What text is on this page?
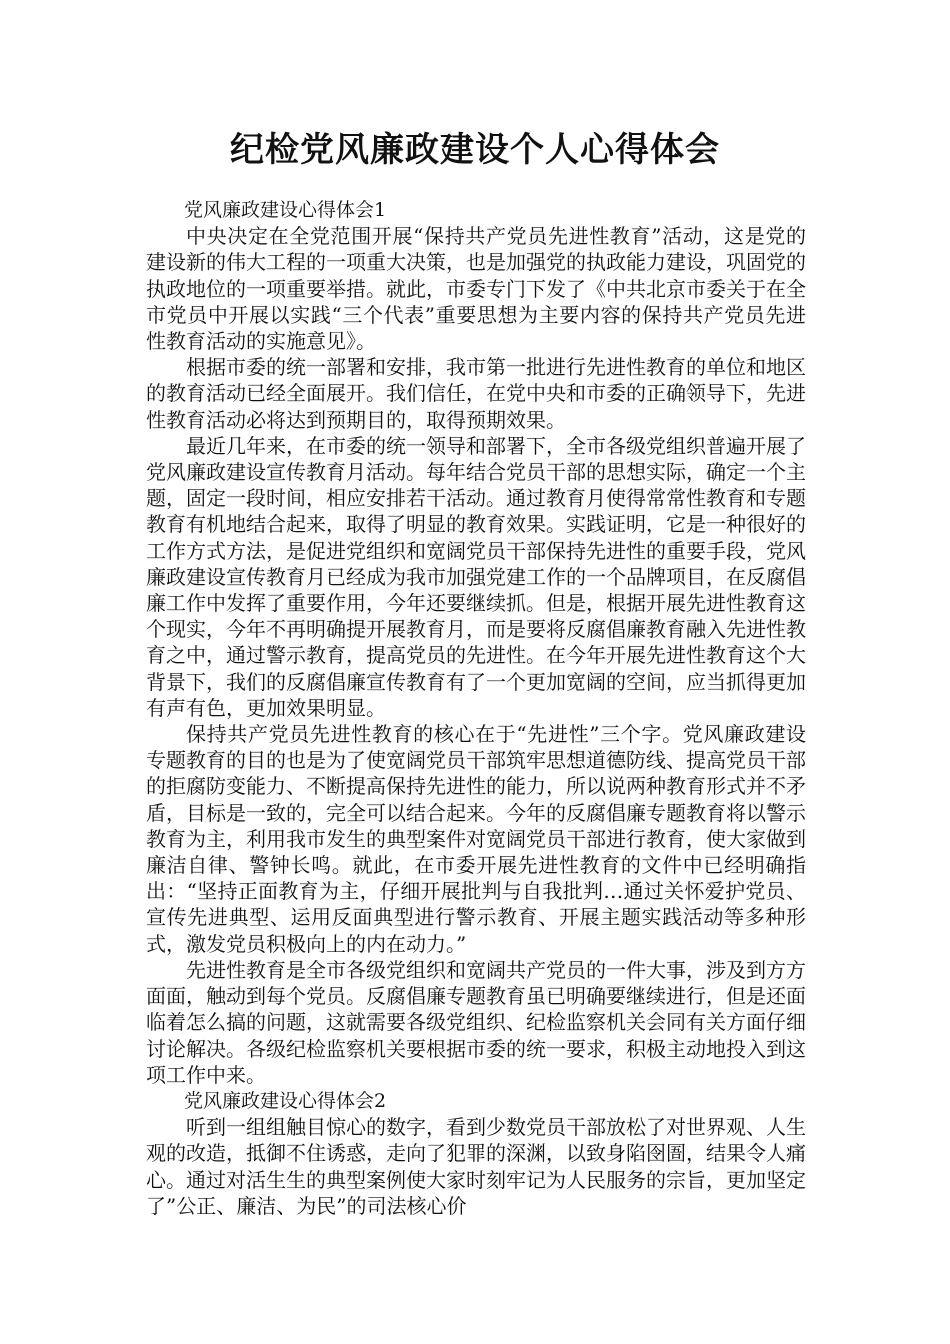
纪检党风廉政建设个人心得体会

党风廉政建设心得体会1

中央决定在全党范围开展“保持共产党员先进性教育”活动，这是党的建设新的伟大工程的一项重大决策，也是加强党的执政能力建设，巩固党的执政地位的一项重要举措。就此，市委专门下发了《中共北京市委关于在全市党员中开展以实践“三个代表”重要思想为主要内容的保持共产党员先进性教育活动的实施意见》。

根据市委的统一部署和安排，我市第一批进行先进性教育的单位和地区的教育活动已经全面展开。我们信任，在党中央和市委的正确领导下，先进性教育活动必将达到预期目的，取得预期效果。

最近几年来，在市委的统一领导和部署下，全市各级党组织普遍开展了党风廉政建设宣传教育月活动。每年结合党员干部的思想实际，确定一个主题，固定一段时间，相应安排若干活动。通过教育月使得常常性教育和专题教育有机地结合起来，取得了明显的教育效果。实践证明，它是一种很好的工作方式方法，是促进党组织和宽阔党员干部保持先进性的重要手段，党风廉政建设宣传教育月已经成为我市加强党建工作的一个品牌项目，在反腐倡廉工作中发挥了重要作用，今年还要继续抓。但是，根据开展先进性教育这个现实，今年不再明确提开展教育月，而是要将反腐倡廉教育融入先进性教育之中，通过警示教育，提高党员的先进性。在今年开展先进性教育这个大背景下，我们的反腐倡廉宣传教育有了一个更加宽阔的空间，应当抓得更加有声有色，更加效果明显。

保持共产党员先进性教育的核心在于“先进性”三个字。党风廉政建设专题教育的目的也是为了使宽阔党员干部筑牢思想道德防线、提高党员干部的拒腐防变能力、不断提高保持先进性的能力，所以说两种教育形式并不矛盾，目标是一致的，完全可以结合起来。今年的反腐倡廉专题教育将以警示教育为主，利用我市发生的典型案件对宽阔党员干部进行教育，使大家做到廉洁自律、警钟长鸣。就此，在市委开展先进性教育的文件中已经明确指出：“坚持正面教育为主，仔细开展批判与自我批判…通过关怀爱护党员、宣传先进典型、运用反面典型进行警示教育、开展主题实践活动等多种形式，激发党员积极向上的内在动力。”

先进性教育是全市各级党组织和宽阔共产党员的一件大事，涉及到方方面面，触动到每个党员。反腐倡廉专题教育虽已明确要继续进行，但是还面临着怎么搞的问题，这就需要各级党组织、纪检监察机关会同有关方面仔细讨论解决。各级纪检监察机关要根据市委的统一要求，积极主动地投入到这项工作中来。

党风廉政建设心得体会2

听到一组组触目惊心的数字，看到少数党员干部放松了对世界观、人生观的改造，抵御不住诱惑，走向了犯罪的深渊，以致身陷囹圄，结果令人痛心。通过对活生生的典型案例使大家时刻牢记为人民服务的宗旨，更加坚定了”公正、廉洁、为民”的司法核心价
